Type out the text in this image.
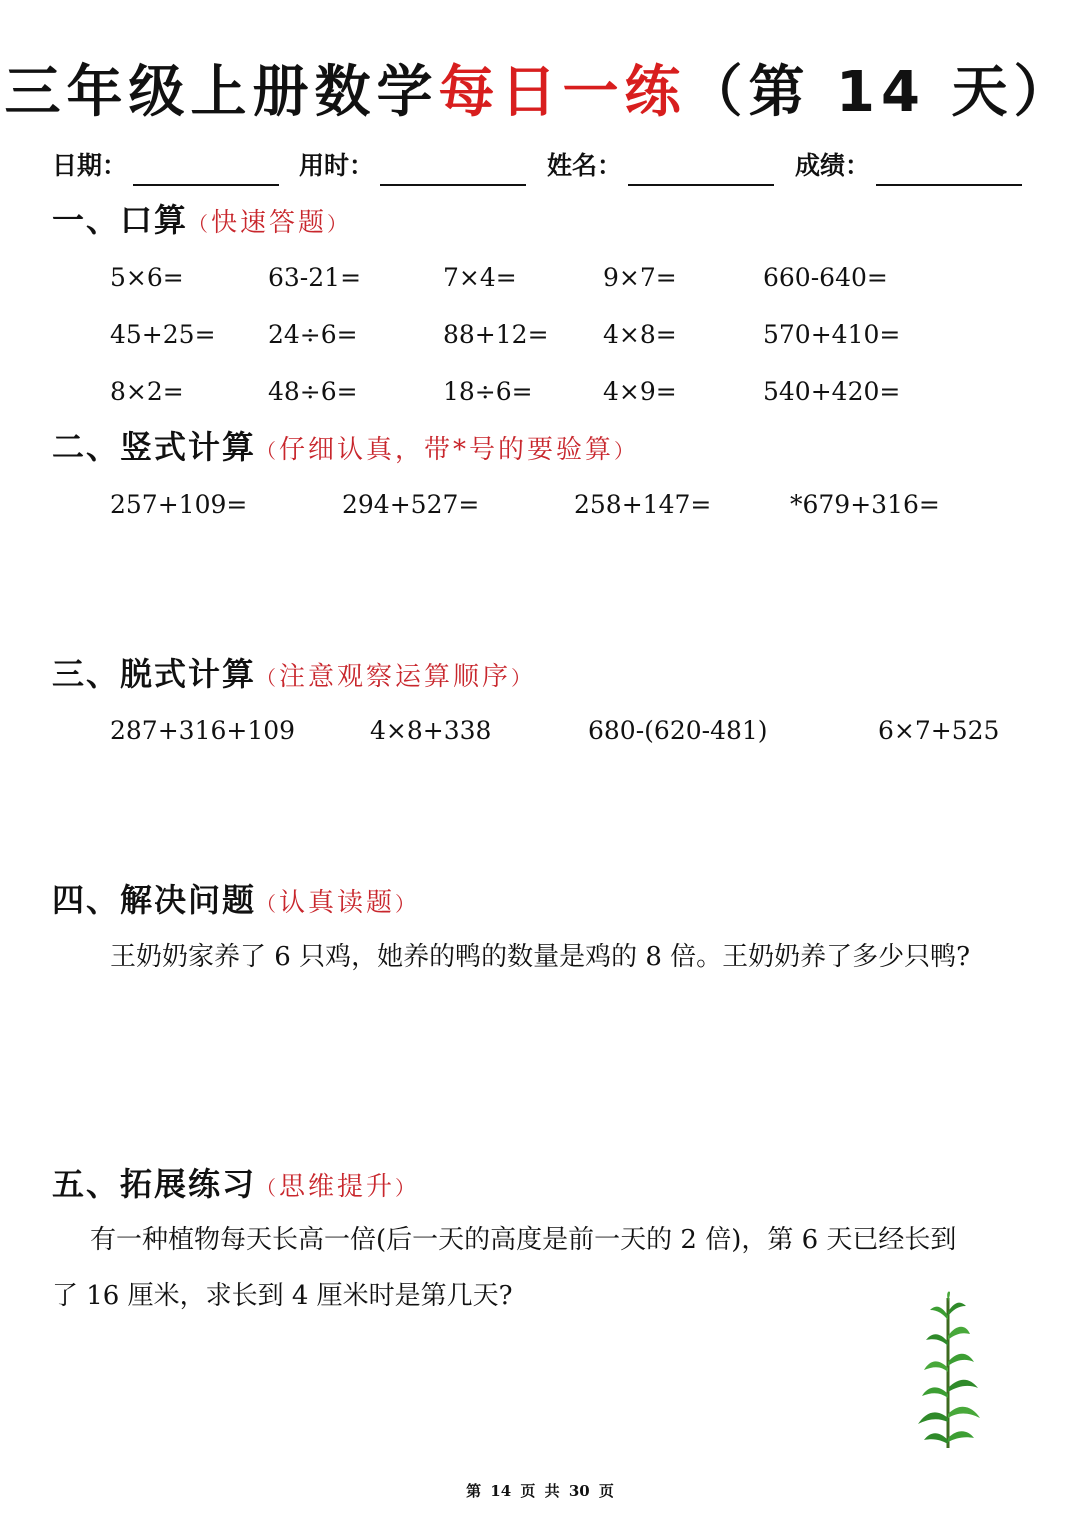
三年级上册数学每日一练（第 14 天）
日期：	用时：	姓名：	成绩：
一、口算（快速答题）
5×6=	63-21=	7×4=	9×7=	660-640=
45+25= 24÷6=	88+12= 4×8=	570+410=
8×2=	48÷6=	18÷6=	4×9=	540+420=
二、竖式计算（仔细认真，带*号的要验算）
257+109=	294+527=	258+147=	*679+316=
三、脱式计算（注意观察运算顺序）
287+316+109	4×8+338	680-(620-481)	6×7+525
四、解决问题（认真读题）
王奶奶家养了 6 只鸡，她养的鸭的数量是鸡的 8 倍。王奶奶养了多少只鸭?
五、拓展练习（思维提升）
有一种植物每天长高一倍(后一天的高度是前一天的 2 倍)，第 6 天已经长到
了 16 厘米，求长到 4 厘米时是第几天?
第 14 页 共 30 页
